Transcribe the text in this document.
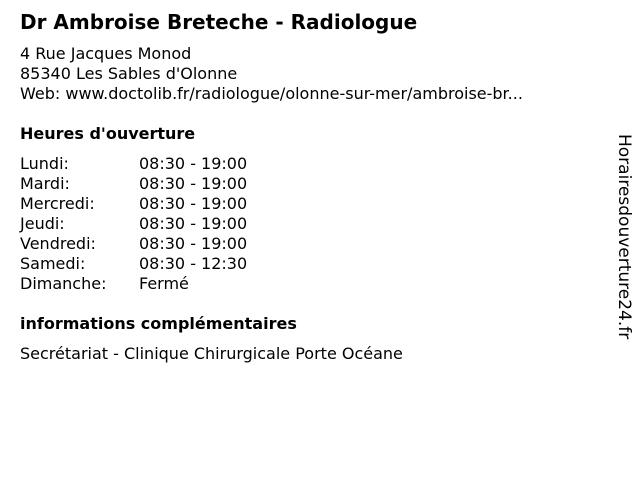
Dr Ambroise Breteche - Radiologue
4 Rue Jacques Monod
85340 Les Sables d'Olonne
Web: www.doctolib.fr/radiologue/olonne-sur-mer/ambroise-br...
Heures d'ouverture
Lundi:	08:30 - 19:00
Mardi:	08:30 - 19:00
Mercredi:	08:30 - 19:00
Jeudi:	08:30 - 19:00
Vendredi:	08:30 - 19:00
Samedi:	08:30 - 12:30
Dimanche: Fermé
informations complémentaires
Secrétariat - Clinique Chirurgicale Porte Océane
Horairesdouverture24.fr
